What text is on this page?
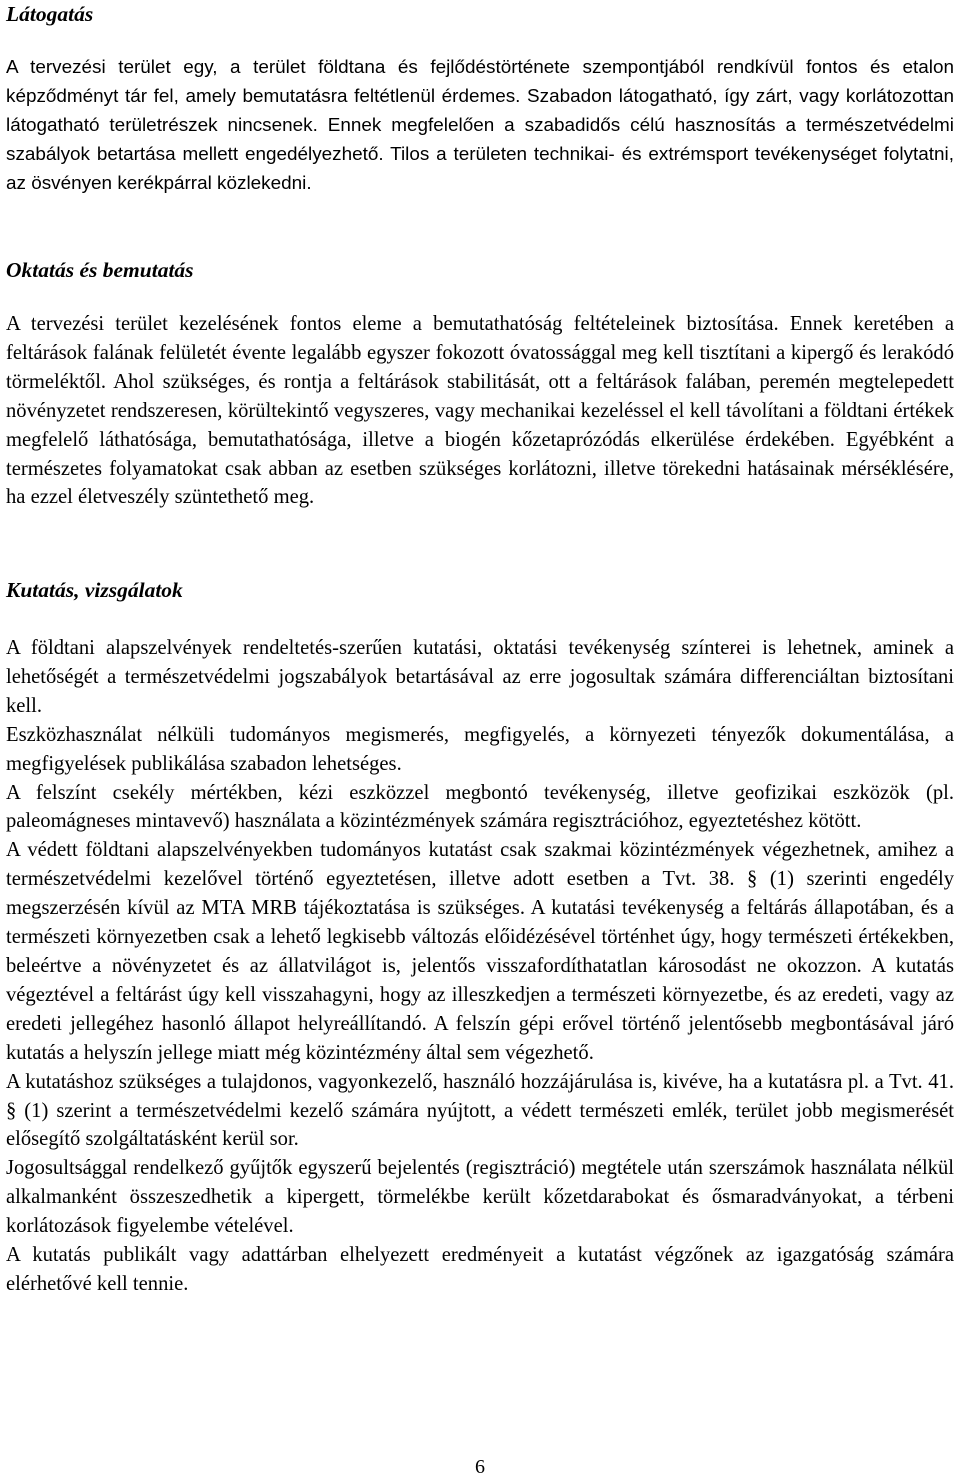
Látogatás

A tervezési terület egy, a terület földtana és fejlődéstörténete szempontjából rendkívül fontos és etalon képződményt tár fel, amely bemutatásra feltétlenül érdemes. Szabadon látogatható, így zárt, vagy korlátozottan látogatható területrészek nincsenek. Ennek megfelelően a szabadidős célú hasznosítás a természetvédelmi szabályok betartása mellett engedélyezhető. Tilos a területen technikai- és extrémsport tevékenységet folytatni, az ösvényen kerékpárral közlekedni.

Oktatás és bemutatás

A tervezési terület kezelésének fontos eleme a bemutathatóság feltételeinek biztosítása. Ennek keretében a feltárások falának felületét évente legalább egyszer fokozott óvatossággal meg kell tisztítani a kipergő és lerakódó törmeléktől. Ahol szükséges, és rontja a feltárások stabilitását, ott a feltárások falában, peremén megtelepedett növényzetet rendszeresen, körültekintő vegyszeres, vagy mechanikai kezeléssel el kell távolítani a földtani értékek megfelelő láthatósága, bemutathatósága, illetve a biogén kőzetaprózódás elkerülése érdekében. Egyébként a természetes folyamatokat csak abban az esetben szükséges korlátozni, illetve törekedni hatásainak mérséklésére, ha ezzel életveszély szüntethető meg.

Kutatás, vizsgálatok

A földtani alapszelvények rendeltetés-szerűen kutatási, oktatási tevékenység színterei is lehetnek, aminek a lehetőségét a természetvédelmi jogszabályok betartásával az erre jogosultak számára differenciáltan biztosítani kell.

Eszközhasználat nélküli tudományos megismerés, megfigyelés, a környezeti tényezők dokumentálása, a megfigyelések publikálása szabadon lehetséges.

A felszínt csekély mértékben, kézi eszközzel megbontó tevékenység, illetve geofizikai eszközök (pl. paleomágneses mintavevő) használata a közintézmények számára regisztrációhoz, egyeztetéshez kötött.

A védett földtani alapszelvényekben tudományos kutatást csak szakmai közintézmények végezhetnek, amihez a természetvédelmi kezelővel történő egyeztetésen, illetve adott esetben a Tvt. 38. § (1) szerinti engedély megszerzésén kívül az MTA MRB tájékoztatása is szükséges. A kutatási tevékenység a feltárás állapotában, és a természeti környezetben csak a lehető legkisebb változás előidézésével történhet úgy, hogy természeti értékekben, beleértve a növényzetet és az állatvilágot is, jelentős visszafordíthatatlan károsodást ne okozzon. A kutatás végeztével a feltárást úgy kell visszahagyni, hogy az illeszkedjen a természeti környezetbe, és az eredeti, vagy az eredeti jellegéhez hasonló állapot helyreállítandó. A felszín gépi erővel történő jelentősebb megbontásával járó kutatás a helyszín jellege miatt még közintézmény által sem végezhető.

A kutatáshoz szükséges a tulajdonos, vagyonkezelő, használó hozzájárulása is, kivéve, ha a kutatásra pl. a Tvt. 41. § (1) szerint a természetvédelmi kezelő számára nyújtott, a védett természeti emlék, terület jobb megismerését elősegítő szolgáltatásként kerül sor.

Jogosultsággal rendelkező gyűjtők egyszerű bejelentés (regisztráció) megtétele után szerszámok használata nélkül alkalmanként összeszedhetik a kipergett, törmelékbe került kőzetdarabokat és ősmaradványokat, a térbeni korlátozások figyelembe vételével.

A kutatás publikált vagy adattárban elhelyezett eredményeit a kutatást végzőnek az igazgatóság számára elérhetővé kell tennie.

6
